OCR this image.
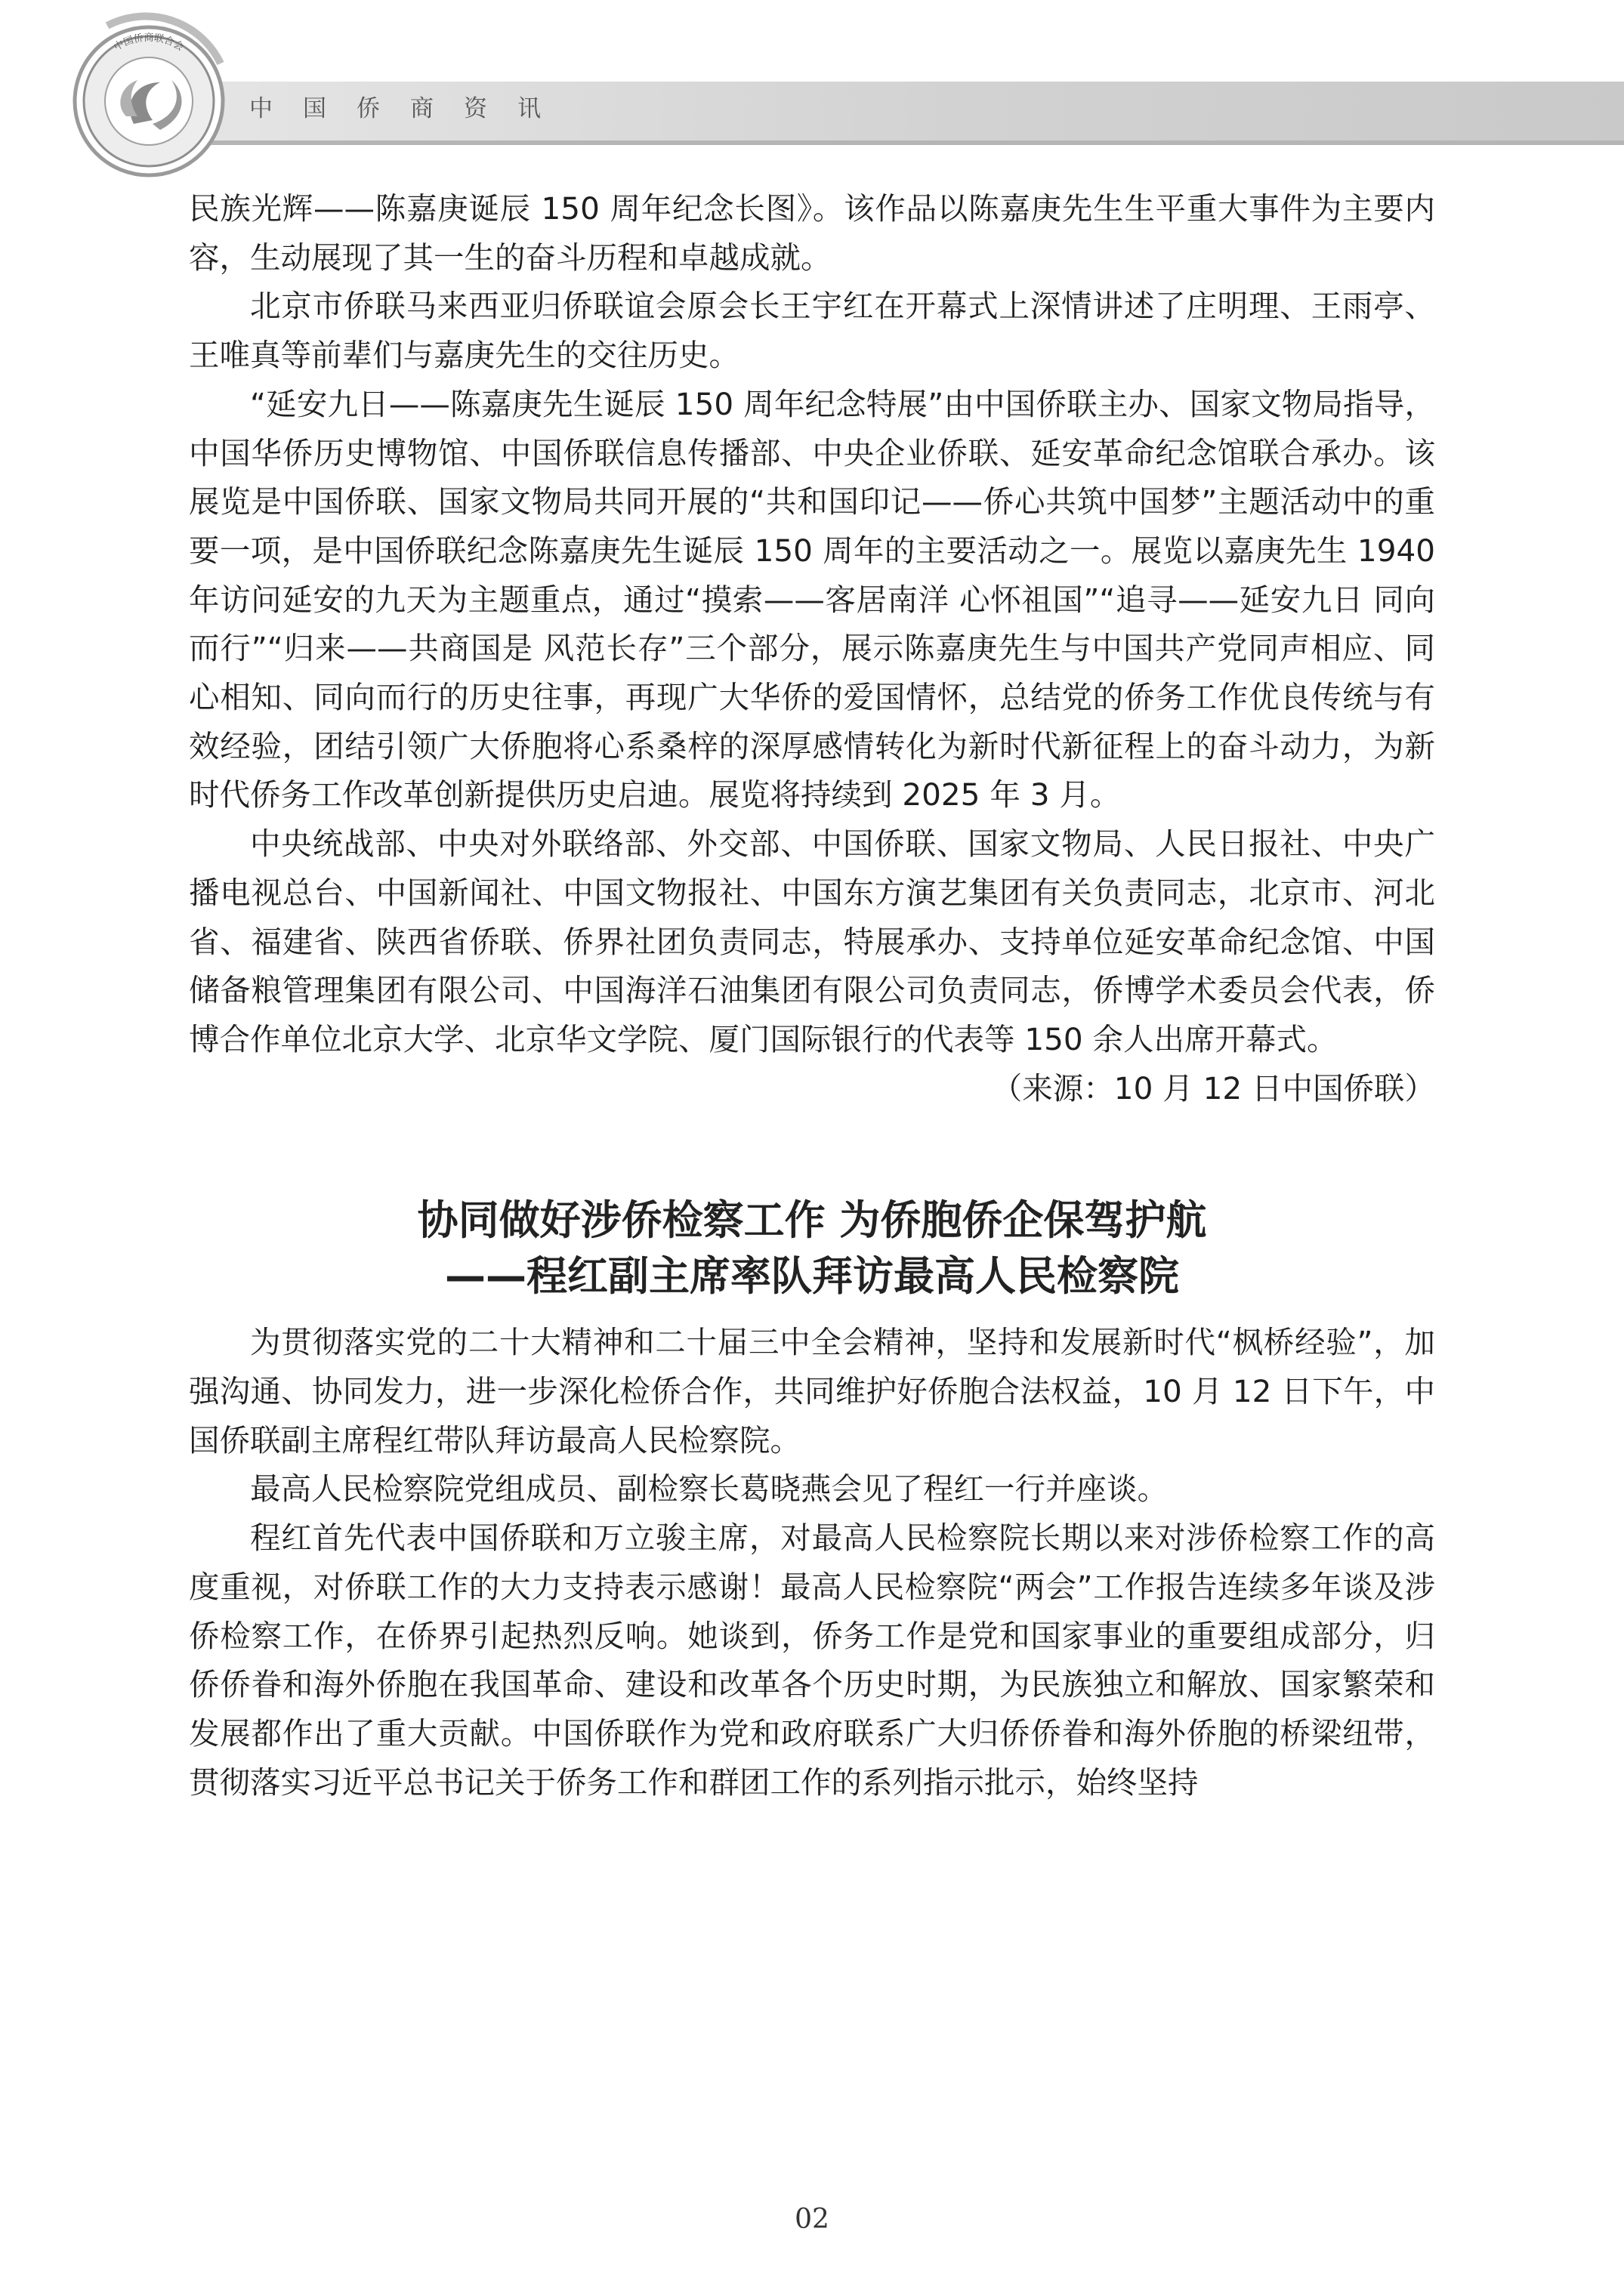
中国侨商联合会
中国侨商资讯

民族光辉——陈嘉庚诞辰 150 周年纪念长图》。该作品以陈嘉庚先生生平重大事件为主要内容，生动展现了其一生的奋斗历程和卓越成就。

北京市侨联马来西亚归侨联谊会原会长王宇红在开幕式上深情讲述了庄明理、王雨亭、王唯真等前辈们与嘉庚先生的交往历史。

“延安九日——陈嘉庚先生诞辰 150 周年纪念特展”由中国侨联主办、国家文物局指导，中国华侨历史博物馆、中国侨联信息传播部、中央企业侨联、延安革命纪念馆联合承办。该展览是中国侨联、国家文物局共同开展的“共和国印记——侨心共筑中国梦”主题活动中的重要一项，是中国侨联纪念陈嘉庚先生诞辰 150 周年的主要活动之一。展览以嘉庚先生 1940 年访问延安的九天为主题重点，通过“摸索——客居南洋 心怀祖国”“追寻——延安九日 同向而行”“归来——共商国是 风范长存”三个部分，展示陈嘉庚先生与中国共产党同声相应、同心相知、同向而行的历史往事，再现广大华侨的爱国情怀，总结党的侨务工作优良传统与有效经验，团结引领广大侨胞将心系桑梓的深厚感情转化为新时代新征程上的奋斗动力，为新时代侨务工作改革创新提供历史启迪。展览将持续到 2025 年 3 月。

中央统战部、中央对外联络部、外交部、中国侨联、国家文物局、人民日报社、中央广播电视总台、中国新闻社、中国文物报社、中国东方演艺集团有关负责同志，北京市、河北省、福建省、陕西省侨联、侨界社团负责同志，特展承办、支持单位延安革命纪念馆、中国储备粮管理集团有限公司、中国海洋石油集团有限公司负责同志，侨博学术委员会代表，侨博合作单位北京大学、北京华文学院、厦门国际银行的代表等 150 余人出席开幕式。

（来源：10 月 12 日中国侨联）

协同做好涉侨检察工作 为侨胞侨企保驾护航
——程红副主席率队拜访最高人民检察院

为贯彻落实党的二十大精神和二十届三中全会精神，坚持和发展新时代“枫桥经验”，加强沟通、协同发力，进一步深化检侨合作，共同维护好侨胞合法权益，10 月 12 日下午，中国侨联副主席程红带队拜访最高人民检察院。

最高人民检察院党组成员、副检察长葛晓燕会见了程红一行并座谈。

程红首先代表中国侨联和万立骏主席，对最高人民检察院长期以来对涉侨检察工作的高度重视，对侨联工作的大力支持表示感谢！最高人民检察院“两会”工作报告连续多年谈及涉侨检察工作，在侨界引起热烈反响。她谈到，侨务工作是党和国家事业的重要组成部分，归侨侨眷和海外侨胞在我国革命、建设和改革各个历史时期，为民族独立和解放、国家繁荣和发展都作出了重大贡献。中国侨联作为党和政府联系广大归侨侨眷和海外侨胞的桥梁纽带，贯彻落实习近平总书记关于侨务工作和群团工作的系列指示批示，始终坚持

02
